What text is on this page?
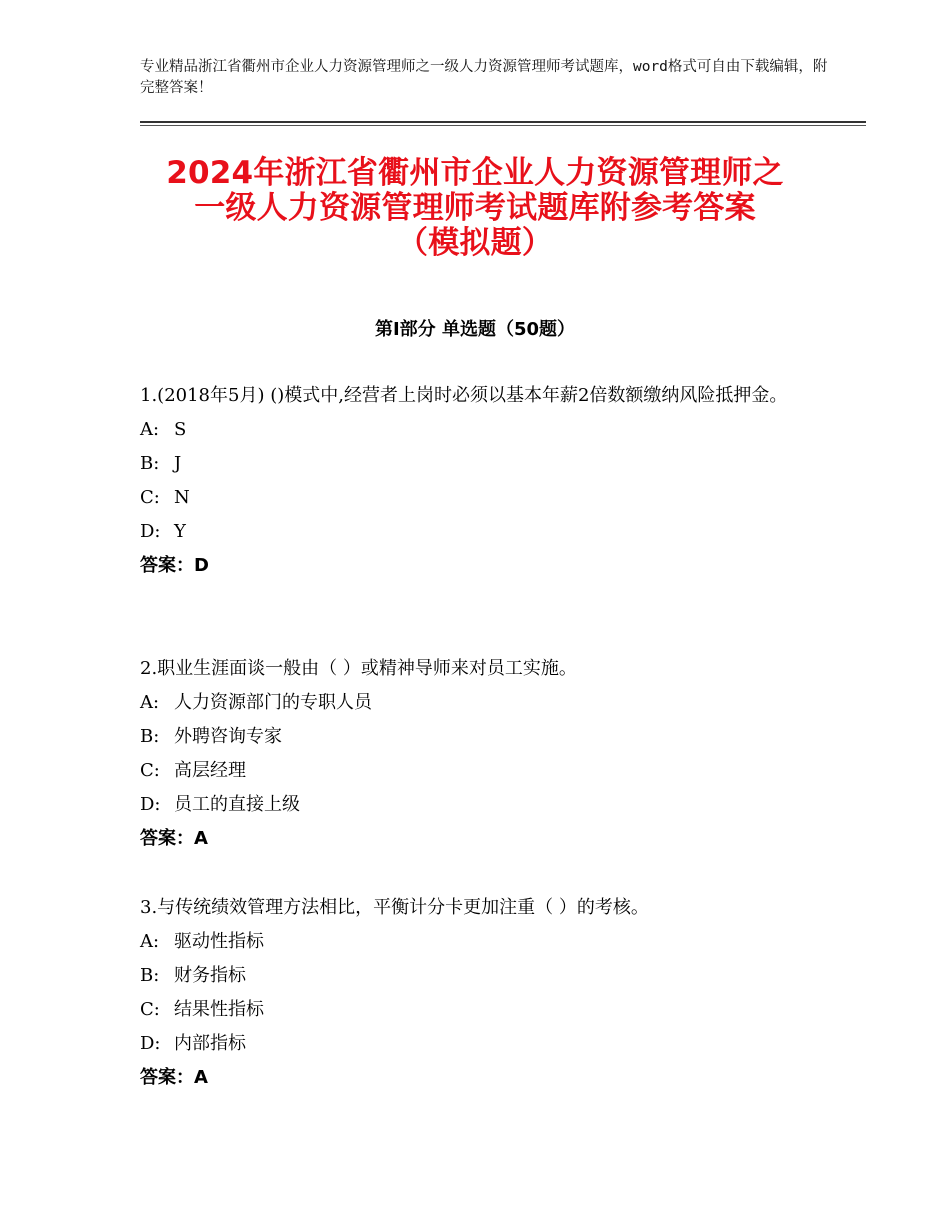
专业精品浙江省衢州市企业人力资源管理师之一级人力资源管理师考试题库，word格式可自由下载编辑，附完整答案！
2024年浙江省衢州市企业人力资源管理师之
一级人力资源管理师考试题库附参考答案
（模拟题）
第Ⅰ部分 单选题（50题）

1.(2018年5月) ()模式中,经营者上岗时必须以基本年薪2倍数额缴纳风险抵押金。

A: S
B: J
C: N
D: Y
答案：D

2.职业生涯面谈一般由（ ）或精神导师来对员工实施。

A: 人力资源部门的专职人员
B: 外聘咨询专家
C: 高层经理
D: 员工的直接上级
答案：A

3.与传统绩效管理方法相比，平衡计分卡更加注重（ ）的考核。

A: 驱动性指标
B: 财务指标
C: 结果性指标
D: 内部指标
答案：A
